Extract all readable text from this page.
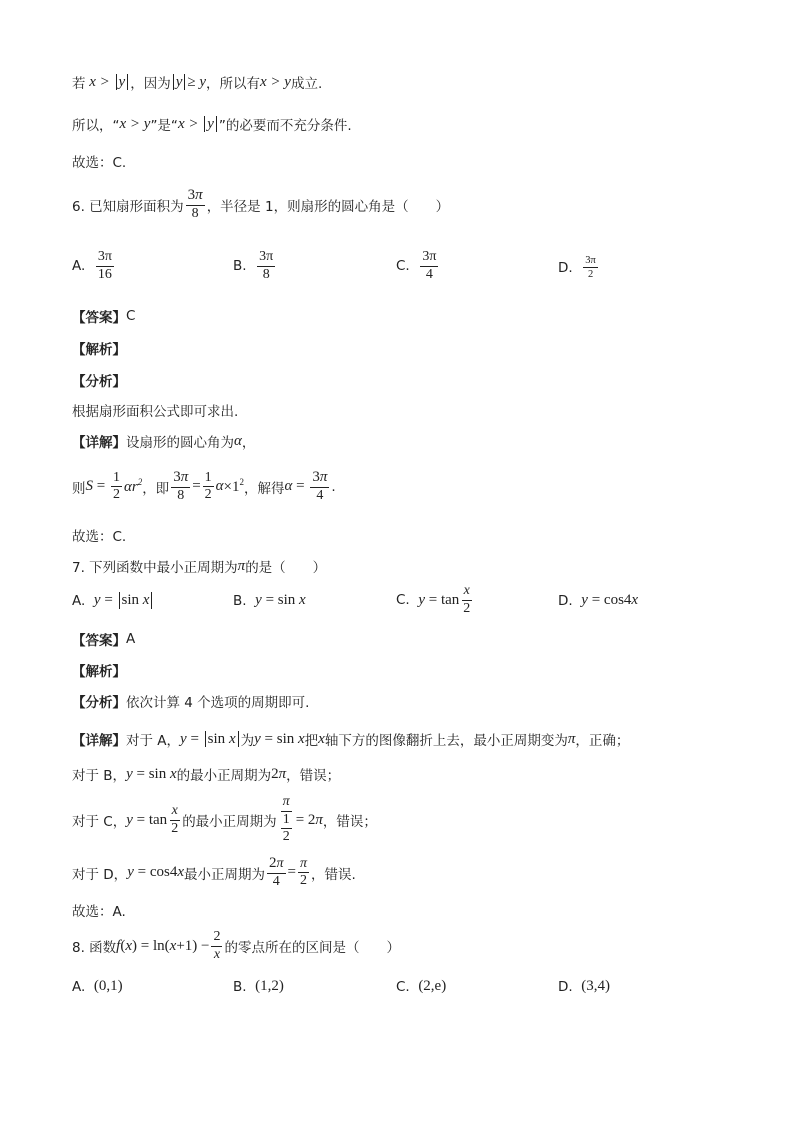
若 x > y ，因为 y ≥ y ，所以有 x > y 成立.
所以，“ x > y ”是“ x > y ”的必要而不充分条件.
故选：C.
6. 已知扇形面积为 $\frac{3\pi}{8}$ ，半径是 1，则扇形的圆心角是（　　）
A.
$\frac{3\pi}{16}$	B.
$\frac{3\pi}{8}$	C.
$\frac{3\pi}{4}$	D.
$\frac{3\pi}{2}$
【答案】 C
【解析】
【分析】
根据扇形面积公式即可求出.
【详解】 设扇形的圆心角为 α ，
则 $S = \frac{1}{2} \alpha r^2$ ，即 $\frac{3\pi}{8} = \frac{1}{2}$ $\alpha \times 1^2$ ，解得 $\alpha = \frac{3\pi}{4}$ .
故选：C.
7. 下列函数中最小正周期为 π 的是（　　）
A.
y = sin x	B.
y = sin x	C.
$y = \tan \frac{x}{2}$	D.
y = cos4x
【答案】 A
【解析】
【分析】 依次计算 4 个选项的周期即可.
【详解】 对于 A， y = sin x 为 y = sin x 把 x 轴下方的图像翻折上去，最小正周期变为 π ，正确；
对于 B， y = sin x 的最小正周期为 2π ，错误；
对于 C， $y = \tan \frac{x}{2}$ 的最小正周期为 $\frac{\pi}{\frac{1}{2}} = 2\pi$ ，错误；
对于 D， y = cos4x 最小正周期为 $\frac{2\pi}{4} = \frac{\pi}{2}$ ，错误.
故选：A.
8. 函数 f $(x) = \ln(x+1) - \frac{2}{x}$ 的零点所在的区间是（　　）
A.
(0,1)	B.
(1,2)	C.
(2,e)	D.
(3,4)
